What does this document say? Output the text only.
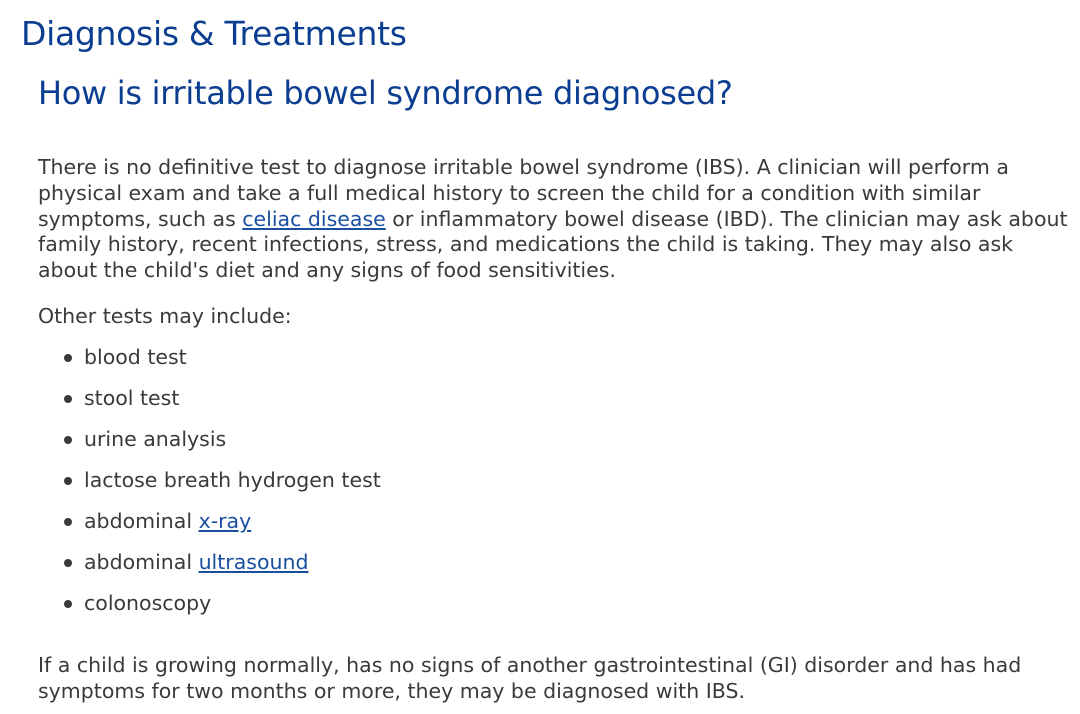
Diagnosis & Treatments
How is irritable bowel syndrome diagnosed?

There is no definitive test to diagnose irritable bowel syndrome (IBS). A clinician will perform a physical exam and take a full medical history to screen the child for a condition with similar symptoms, such as celiac disease or inflammatory bowel disease (IBD). The clinician may ask about family history, recent infections, stress, and medications the child is taking. They may also ask about the child's diet and any signs of food sensitivities.

Other tests may include:

blood test
stool test
urine analysis
lactose breath hydrogen test
abdominal x-ray
abdominal ultrasound
colonoscopy

If a child is growing normally, has no signs of another gastrointestinal (GI) disorder and has had symptoms for two months or more, they may be diagnosed with IBS.
